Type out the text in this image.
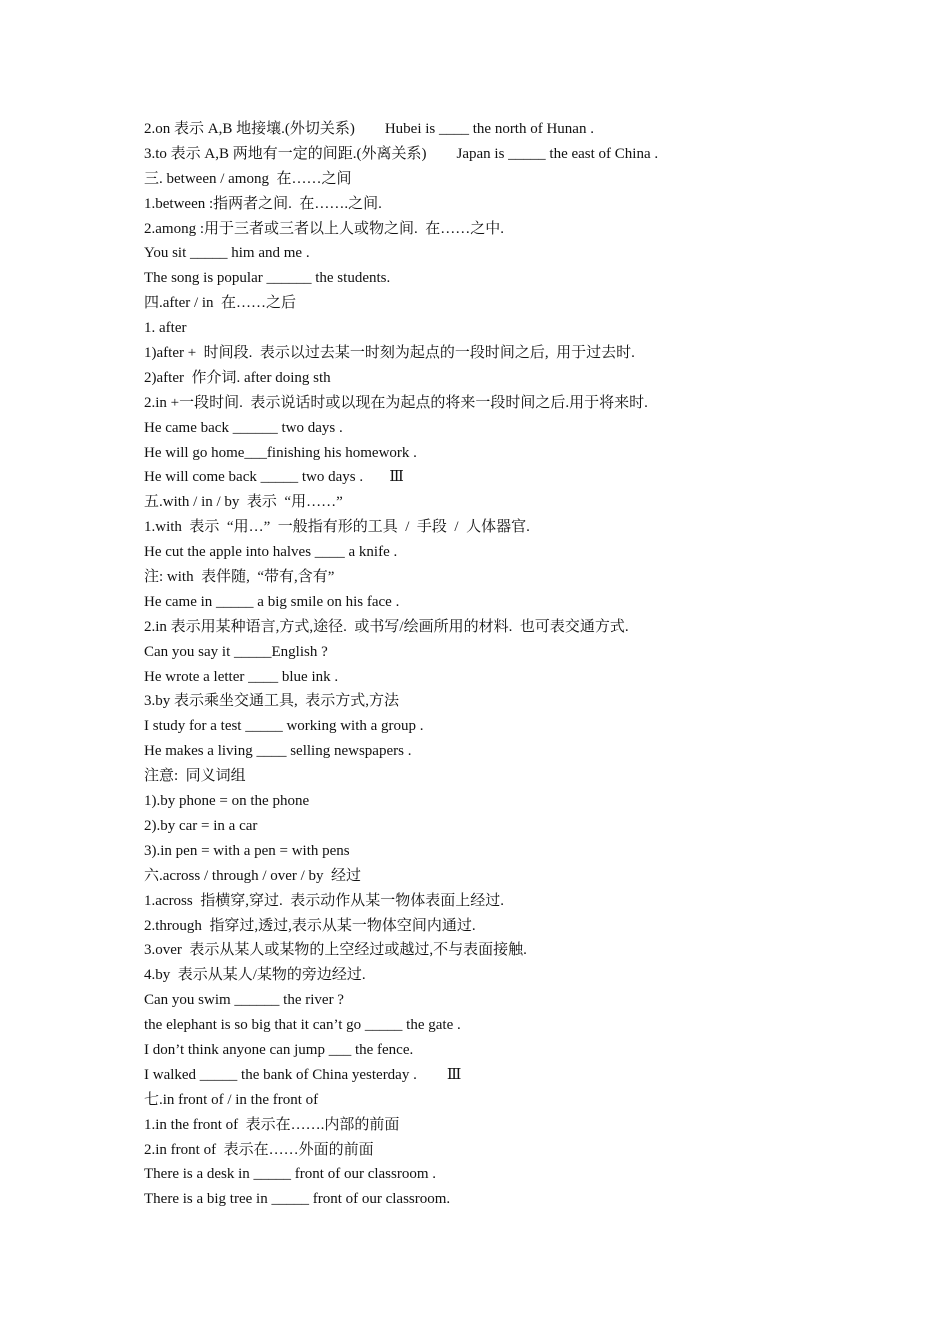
2.on 表示 A,B 地接壤.(外切关系)        Hubei is ____ the north of Hunan .
3.to 表示 A,B 两地有一定的间距.(外离关系)        Japan is _____ the east of China .
三. between / among  在……之间
1.between :指两者之间.  在…….之间.
2.among :用于三者或三者以上人或物之间.  在……之中.
You sit _____ him and me .
The song is popular ______ the students.
四.after / in  在……之后
1. after
1)after +  时间段.  表示以过去某一时刻为起点的一段时间之后,  用于过去时.
2)after  作介词. after doing sth
2.in +一段时间.  表示说话时或以现在为起点的将来一段时间之后.用于将来时.
He came back ______ two days .
He will go home___finishing his homework .
He will come back _____ two days .       Ⅲ
五.with / in / by  表示  “用……”
1.with  表示  “用…”  一般指有形的工具  /  手段  /  人体器官.
He cut the apple into halves ____ a knife .
注: with  表伴随,  “带有,含有”
He came in _____ a big smile on his face .
2.in 表示用某种语言,方式,途径.  或书写/绘画所用的材料.  也可表交通方式.
Can you say it _____English ?
He wrote a letter ____ blue ink .
3.by 表示乘坐交通工具,  表示方式,方法
I study for a test _____ working with a group .
He makes a living ____ selling newspapers .
注意:  同义词组
1).by phone = on the phone
2).by car = in a car
3).in pen = with a pen = with pens
六.across / through / over / by  经过
1.across  指横穿,穿过.  表示动作从某一物体表面上经过.
2.through  指穿过,透过,表示从某一物体空间内通过.
3.over  表示从某人或某物的上空经过或越过,不与表面接触.
4.by  表示从某人/某物的旁边经过.
Can you swim ______ the river ?
the elephant is so big that it can’t go _____ the gate .
I don’t think anyone can jump ___ the fence.
I walked _____ the bank of China yesterday .        Ⅲ
七.in front of / in the front of
1.in the front of  表示在…….内部的前面
2.in front of  表示在……外面的前面
There is a desk in _____ front of our classroom .
There is a big tree in _____ front of our classroom.
